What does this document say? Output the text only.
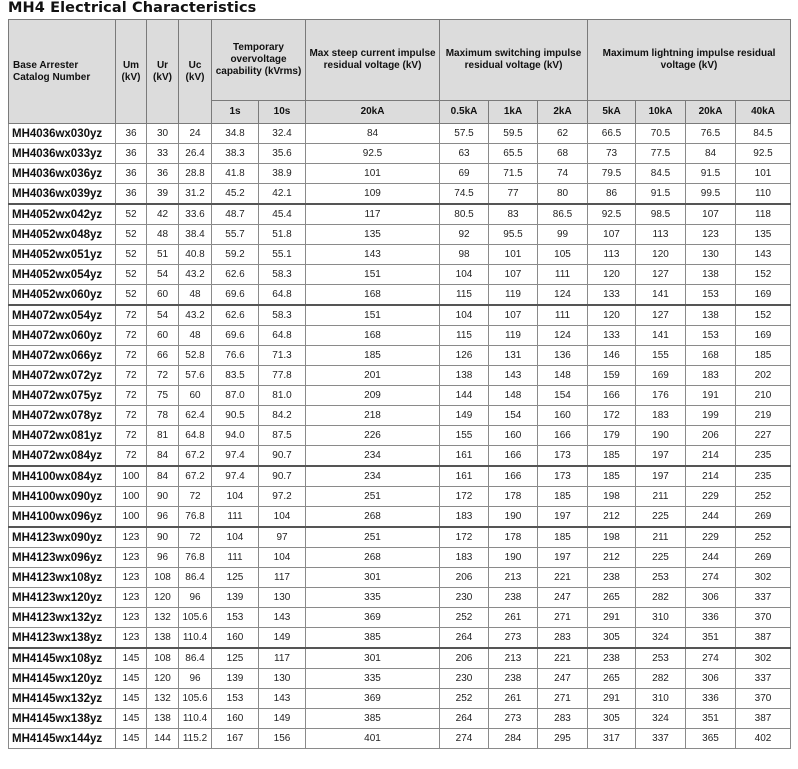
MH4 Electrical Characteristics
Base Arrester Catalog Number	Um (kV)	Ur (kV)	Uc (kV)	Temporary overvoltage capability (kVrms)		Max steep current impulse residual voltage (kV)	Maximum switching impulse residual voltage (kV)			Maximum lightning impulse residual voltage (kV)			
				1s	10s	20kA	0.5kA	1kA	2kA	5kA	10kA	20kA	40kA
MH4036wx030yz	36	30	24	34.8	32.4	84	57.5	59.5	62	66.5	70.5	76.5	84.5
MH4036wx033yz	36	33	26.4	38.3	35.6	92.5	63	65.5	68	73	77.5	84	92.5
MH4036wx036yz	36	36	28.8	41.8	38.9	101	69	71.5	74	79.5	84.5	91.5	101
MH4036wx039yz	36	39	31.2	45.2	42.1	109	74.5	77	80	86	91.5	99.5	110
MH4052wx042yz	52	42	33.6	48.7	45.4	117	80.5	83	86.5	92.5	98.5	107	118
MH4052wx048yz	52	48	38.4	55.7	51.8	135	92	95.5	99	107	113	123	135
MH4052wx051yz	52	51	40.8	59.2	55.1	143	98	101	105	113	120	130	143
MH4052wx054yz	52	54	43.2	62.6	58.3	151	104	107	111	120	127	138	152
MH4052wx060yz	52	60	48	69.6	64.8	168	115	119	124	133	141	153	169
MH4072wx054yz	72	54	43.2	62.6	58.3	151	104	107	111	120	127	138	152
MH4072wx060yz	72	60	48	69.6	64.8	168	115	119	124	133	141	153	169
MH4072wx066yz	72	66	52.8	76.6	71.3	185	126	131	136	146	155	168	185
MH4072wx072yz	72	72	57.6	83.5	77.8	201	138	143	148	159	169	183	202
MH4072wx075yz	72	75	60	87.0	81.0	209	144	148	154	166	176	191	210
MH4072wx078yz	72	78	62.4	90.5	84.2	218	149	154	160	172	183	199	219
MH4072wx081yz	72	81	64.8	94.0	87.5	226	155	160	166	179	190	206	227
MH4072wx084yz	72	84	67.2	97.4	90.7	234	161	166	173	185	197	214	235
MH4100wx084yz	100	84	67.2	97.4	90.7	234	161	166	173	185	197	214	235
MH4100wx090yz	100	90	72	104	97.2	251	172	178	185	198	211	229	252
MH4100wx096yz	100	96	76.8	111	104	268	183	190	197	212	225	244	269
MH4123wx090yz	123	90	72	104	97	251	172	178	185	198	211	229	252
MH4123wx096yz	123	96	76.8	111	104	268	183	190	197	212	225	244	269
MH4123wx108yz	123	108	86.4	125	117	301	206	213	221	238	253	274	302
MH4123wx120yz	123	120	96	139	130	335	230	238	247	265	282	306	337
MH4123wx132yz	123	132	105.6	153	143	369	252	261	271	291	310	336	370
MH4123wx138yz	123	138	110.4	160	149	385	264	273	283	305	324	351	387
MH4145wx108yz	145	108	86.4	125	117	301	206	213	221	238	253	274	302
MH4145wx120yz	145	120	96	139	130	335	230	238	247	265	282	306	337
MH4145wx132yz	145	132	105.6	153	143	369	252	261	271	291	310	336	370
MH4145wx138yz	145	138	110.4	160	149	385	264	273	283	305	324	351	387
MH4145wx144yz	145	144	115.2	167	156	401	274	284	295	317	337	365	402
